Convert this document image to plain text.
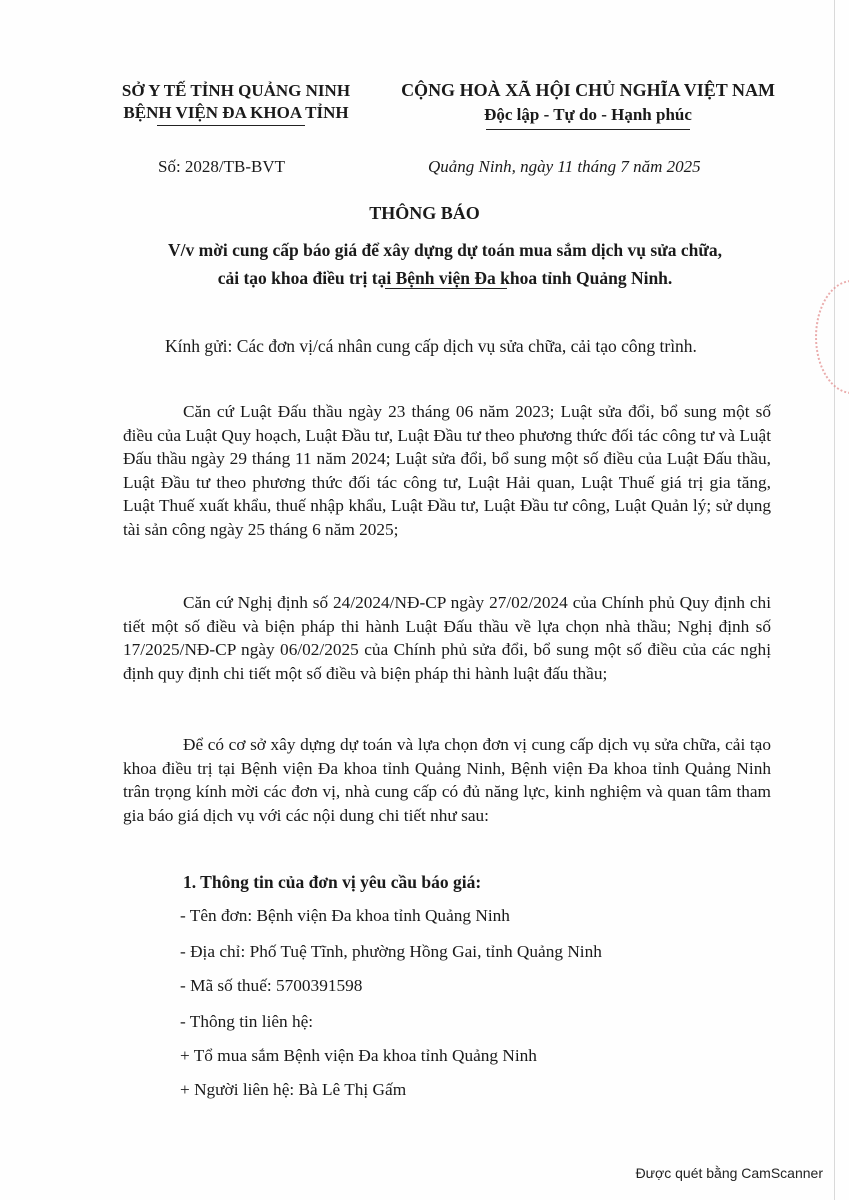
SỞ Y TẾ TỈNH QUẢNG NINH
BỆNH VIỆN ĐA KHOA TỈNH
CỘNG HOÀ XÃ HỘI CHỦ NGHĨA VIỆT NAM
Độc lập - Tự do - Hạnh phúc
Số: 2028/TB-BVT	Quảng Ninh, ngày 11 tháng 7 năm 2025
THÔNG BÁO
V/v mời cung cấp báo giá để xây dựng dự toán mua sắm dịch vụ sửa chữa,
cải tạo khoa điều trị tại Bệnh viện Đa khoa tỉnh Quảng Ninh.
Kính gửi: Các đơn vị/cá nhân cung cấp dịch vụ sửa chữa, cải tạo công trình.

Căn cứ Luật Đấu thầu ngày 23 tháng 06 năm 2023; Luật sửa đổi, bổ sung một số điều của Luật Quy hoạch, Luật Đầu tư, Luật Đầu tư theo phương thức đối tác công tư và Luật Đấu thầu ngày 29 tháng 11 năm 2024; Luật sửa đổi, bổ sung một số điều của Luật Đấu thầu, Luật Đầu tư theo phương thức đối tác công tư, Luật Hải quan, Luật Thuế giá trị gia tăng, Luật Thuế xuất khẩu, thuế nhập khẩu, Luật Đầu tư, Luật Đầu tư công, Luật Quản lý; sử dụng tài sản công ngày 25 tháng 6 năm 2025;

Căn cứ Nghị định số 24/2024/NĐ-CP ngày 27/02/2024 của Chính phủ Quy định chi tiết một số điều và biện pháp thi hành Luật Đấu thầu về lựa chọn nhà thầu; Nghị định số 17/2025/NĐ-CP ngày 06/02/2025 của Chính phủ sửa đổi, bổ sung một số điều của các nghị định quy định chi tiết một số điều và biện pháp thi hành luật đấu thầu;

Để có cơ sở xây dựng dự toán và lựa chọn đơn vị cung cấp dịch vụ sửa chữa, cải tạo khoa điều trị tại Bệnh viện Đa khoa tỉnh Quảng Ninh, Bệnh viện Đa khoa tỉnh Quảng Ninh trân trọng kính mời các đơn vị, nhà cung cấp có đủ năng lực, kinh nghiệm và quan tâm tham gia báo giá dịch vụ với các nội dung chi tiết như sau:

1. Thông tin của đơn vị yêu cầu báo giá:
- Tên đơn: Bệnh viện Đa khoa tỉnh Quảng Ninh
- Địa chỉ: Phố Tuệ Tĩnh, phường Hồng Gai, tỉnh Quảng Ninh
- Mã số thuế: 5700391598
- Thông tin liên hệ:
+ Tổ mua sắm Bệnh viện Đa khoa tỉnh Quảng Ninh
+ Người liên hệ: Bà Lê Thị Gấm
Được quét bằng CamScanner
